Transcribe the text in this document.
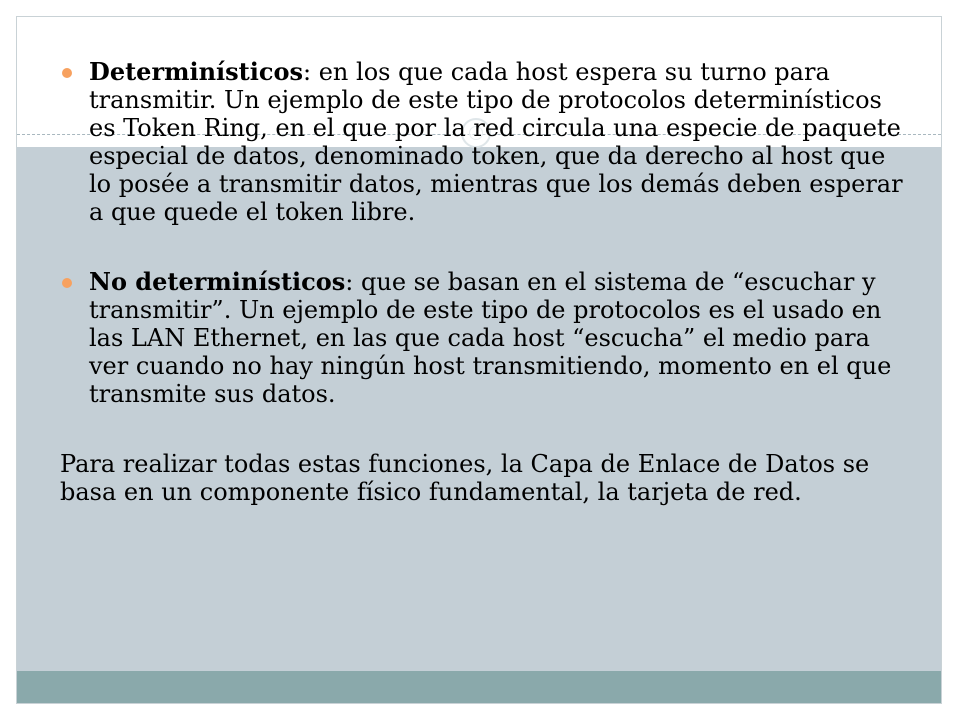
Determinísticos: en los que cada host espera su turno para transmitir. Un ejemplo de este tipo de protocolos determinísticos es Token Ring, en el que por la red circula una especie de paquete especial de datos, denominado token, que da derecho al host que lo posée a transmitir datos, mientras que los demás deben esperar a que quede el token libre.

No determinísticos: que se basan en el sistema de “escuchar y transmitir”. Un ejemplo de este tipo de protocolos es el usado en las LAN Ethernet, en las que cada host “escucha” el medio para ver cuando no hay ningún host transmitiendo, momento en el que transmite sus datos.

Para realizar todas estas funciones, la Capa de Enlace de Datos se basa en un componente físico fundamental, la tarjeta de red.
